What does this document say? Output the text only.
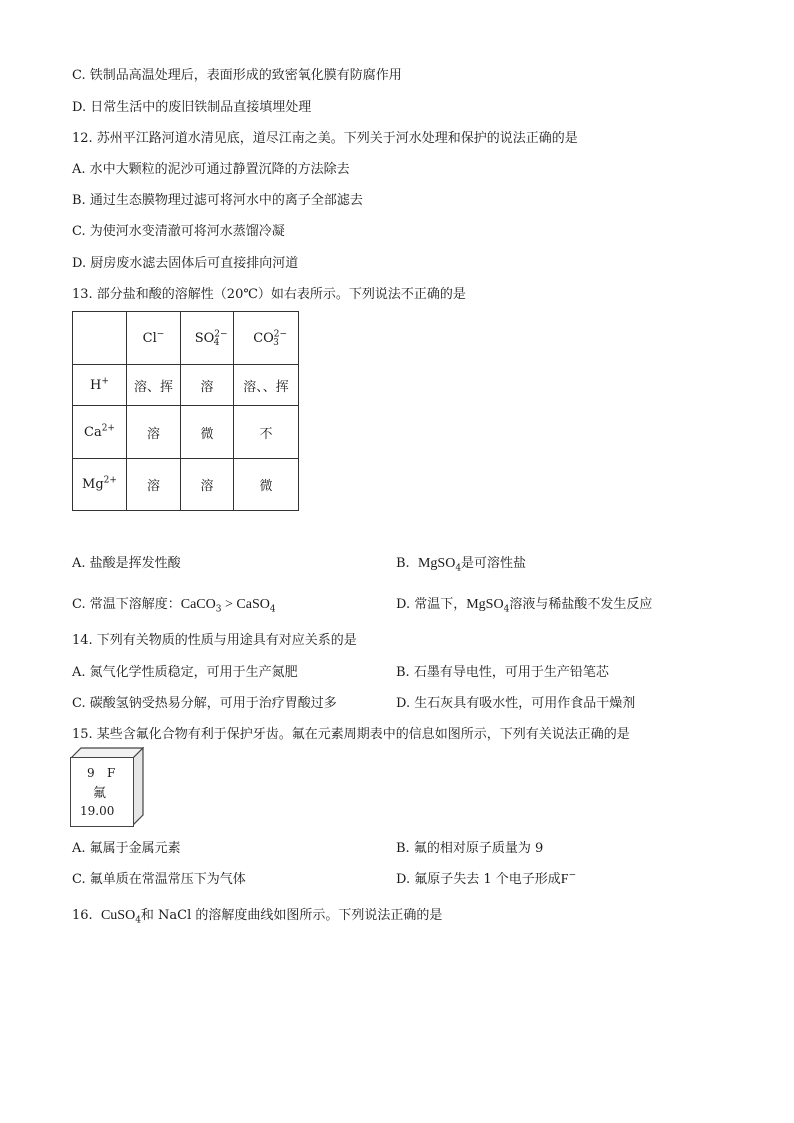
C. 铁制品高温处理后，表面形成的致密氧化膜有防腐作用
D. 日常生活中的废旧铁制品直接填埋处理
12. 苏州平江路河道水清见底，道尽江南之美。下列关于河水处理和保护的说法正确的是
A. 水中大颗粒的泥沙可通过静置沉降的方法除去
B. 通过生态膜物理过滤可将河水中的离子全部滤去
C. 为使河水变清澈可将河水蒸馏冷凝
D. 厨房废水滤去固体后可直接排向河道
13. 部分盐和酸的溶解性（20℃）如右表所示。下列说法不正确的是
	Cl−	$SO^{2-}_4$	$CO^{2-}_3$
H+	溶、挥	溶	溶、、挥
$Ca^{2+}$	溶	微	不
$Mg^{2+}$	溶	溶	微
A. 盐酸是挥发性酸	B. MgSO$_4$是可溶性盐
C. 常温下溶解度：CaCO$_3$ > CaSO$_4$	D. 常温下，MgSO$_4$溶液与稀盐酸不发生反应
14. 下列有关物质的性质与用途具有对应关系的是
A. 氮气化学性质稳定，可用于生产氮肥	B. 石墨有导电性，可用于生产铅笔芯
C. 碳酸氢钠受热易分解，可用于治疗胃酸过多	D. 生石灰具有吸水性，可用作食品干燥剂
15. 某些含氟化合物有利于保护牙齿。氟在元素周期表中的信息如图所示，下列有关说法正确的是
9 F
氟
19.00
A. 氟属于金属元素	B. 氟的相对原子质量为 9
C. 氟单质在常温常压下为气体	D. 氟原子失去 1 个电子形成F−
16. CuSO$_4$和 NaCl 的溶解度曲线如图所示。下列说法正确的是
